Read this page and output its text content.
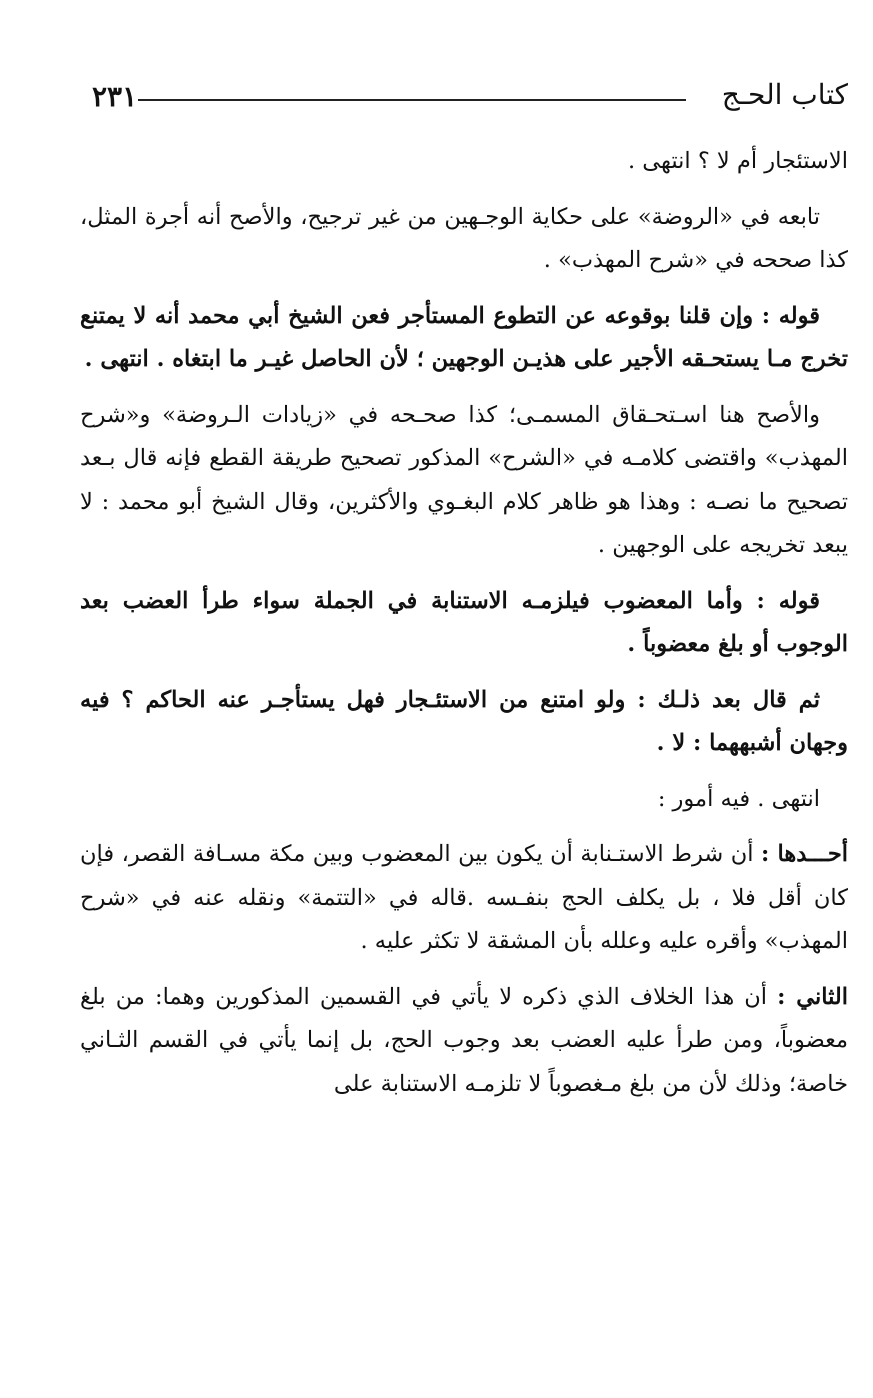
٢٣١	كتاب الحـج

الاستئجار أم لا ؟ انتهى .

تابعه في «الروضة» على حكاية الوجـهين من غير ترجيح، والأصح أنه أجرة المثل، كذا صححه في «شرح المهذب» .

قوله : وإن قلنا بوقوعه عن التطوع المستأجر فعن الشيخ أبي محمد أنه لا يمتنع تخرج مـا يستحـقه الأجير على هذيـن الوجهين ؛ لأن الحاصل غيـر ما ابتغاه . انتهى .

والأصح هنا اسـتحـقاق المسمـى؛ كذا صحـحه في «زيادات الـروضة» و«شرح المهذب» واقتضى كلامـه في «الشرح» المذكور تصحيح طريقة القطع فإنه قال بـعد تصحيح ما نصـه : وهذا هو ظاهر كلام البغـوي والأكثرين، وقال الشيخ أبو محمد : لا يبعد تخريجه على الوجهين .

قوله : وأما المعضوب فيلزمـه الاستنابة في الجملة سواء طرأ العضب بعد الوجوب أو بلغ معضوباً .

ثم قال بعد ذلـك : ولو امتنع من الاستئـجار فهل يستأجـر عنه الحاكم ؟ فيه وجهان أشبههما : لا .

انتهى . فيه أمور :

أحـــدها : أن شرط الاستـنابة أن يكون بين المعضوب وبين مكة مسـافة القصر، فإن كان أقل فلا ، بل يكلف الحج بنفـسه .قاله في «التتمة» ونقله عنه في «شرح المهذب» وأقره عليه وعلله بأن المشقة لا تكثر عليه .

الثاني : أن هذا الخلاف الذي ذكره لا يأتي في القسمين المذكورين وهما: من بلغ معضوباً، ومن طرأ عليه العضب بعد وجوب الحج، بل إنما يأتي في القسم الثـاني خاصة؛ وذلك لأن من بلغ مـغصوباً لا تلزمـه الاستنابة على
